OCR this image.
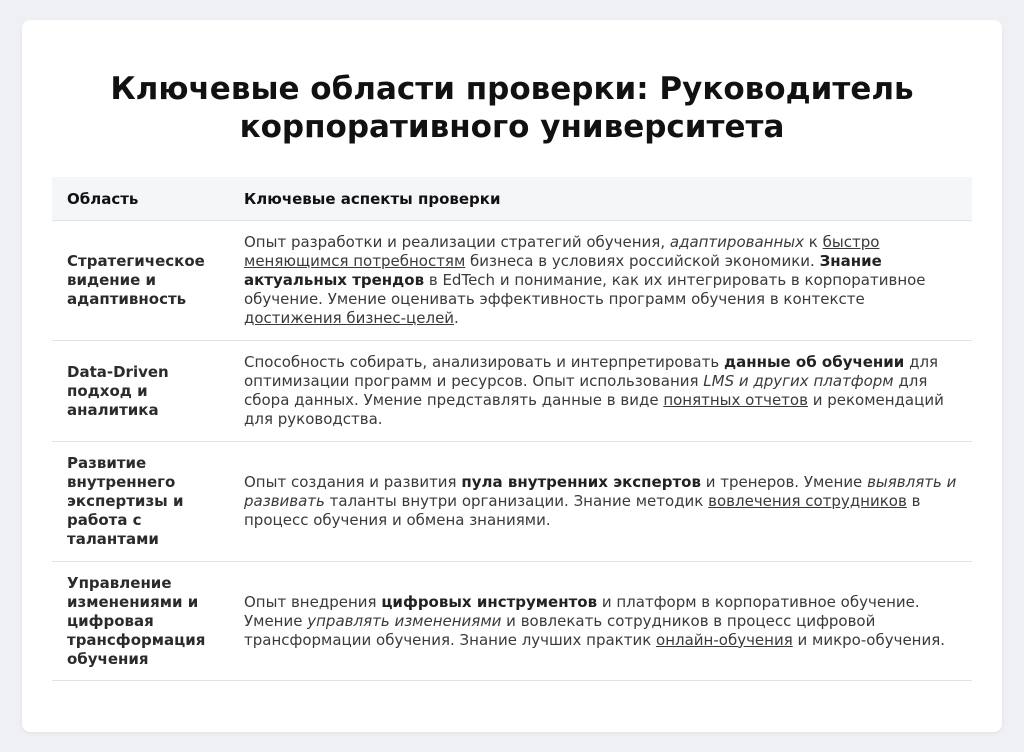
Ключевые области проверки: Руководитель корпоративного университета
Область	Ключевые аспекты проверки
Стратегическое видение и адаптивность	Опыт разработки и реализации стратегий обучения, адаптированных к быстро меняющимся потребностям бизнеса в условиях российской экономики. Знание актуальных трендов в EdTech и понимание, как их интегрировать в корпоративное обучение. Умение оценивать эффективность программ обучения в контексте достижения бизнес-целей.
Data-Driven подход и аналитика	Способность собирать, анализировать и интерпретировать данные об обучении для оптимизации программ и ресурсов. Опыт использования LMS и других платформ для сбора данных. Умение представлять данные в виде понятных отчетов и рекомендаций для руководства.
Развитие внутреннего экспертизы и работа с талантами	Опыт создания и развития пула внутренних экспертов и тренеров. Умение выявлять и развивать таланты внутри организации. Знание методик вовлечения сотрудников в процесс обучения и обмена знаниями.
Управление изменениями и цифровая трансформация обучения	Опыт внедрения цифровых инструментов и платформ в корпоративное обучение. Умение управлять изменениями и вовлекать сотрудников в процесс цифровой трансформации обучения. Знание лучших практик онлайн-обучения и микро-обучения.
